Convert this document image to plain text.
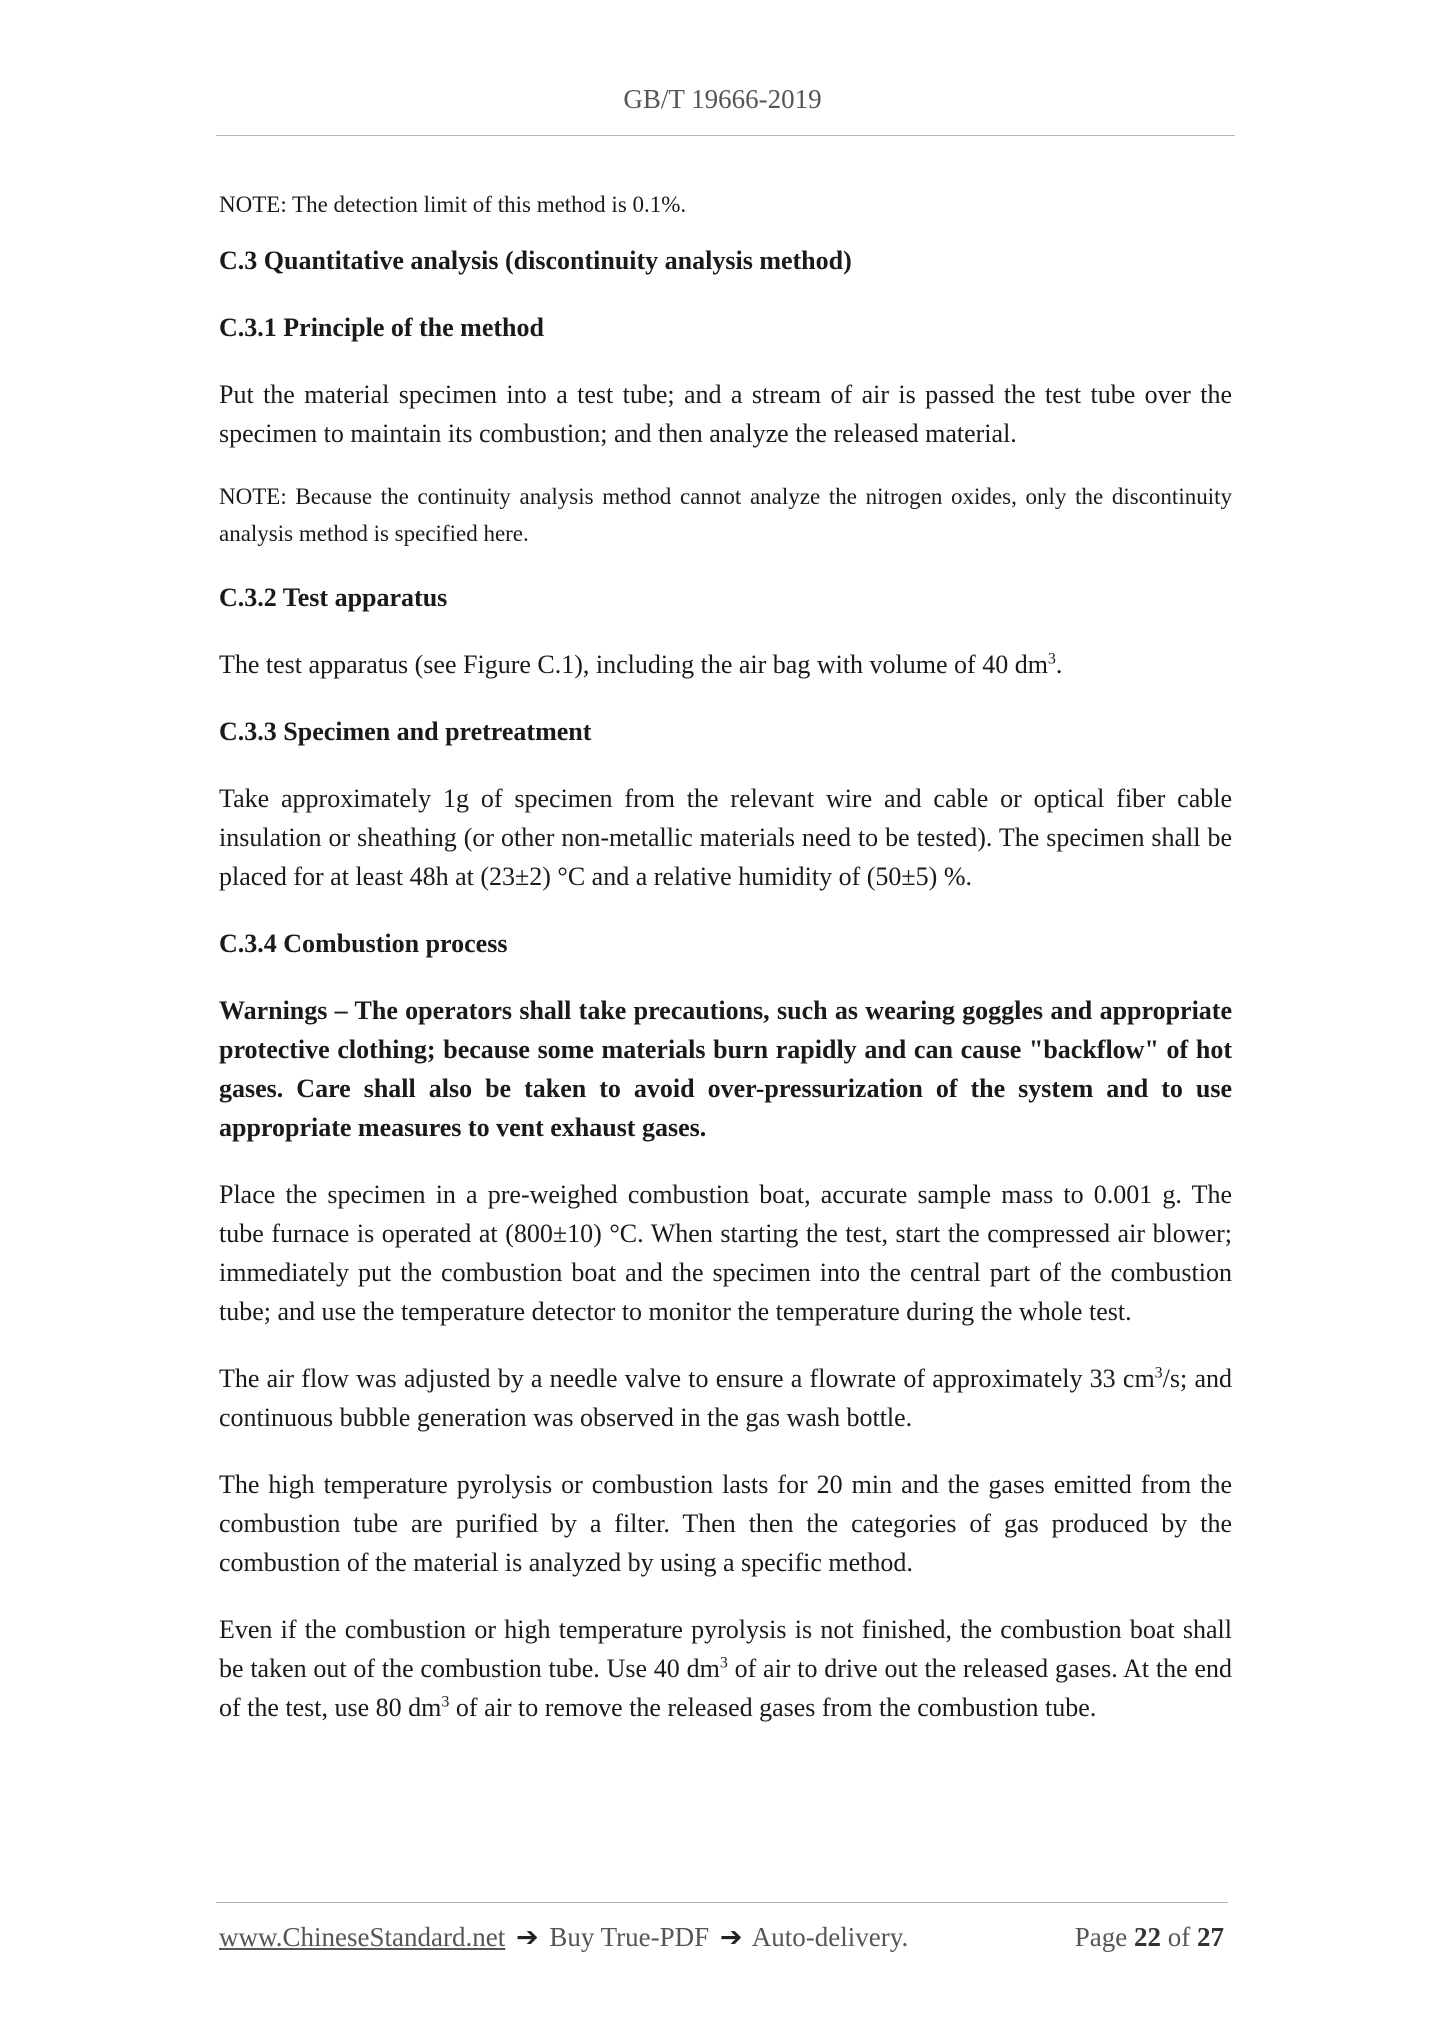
GB/T 19666-2019

NOTE: The detection limit of this method is 0.1%.

C.3 Quantitative analysis (discontinuity analysis method)

C.3.1 Principle of the method

Put the material specimen into a test tube; and a stream of air is passed the test tube over the specimen to maintain its combustion; and then analyze the released material.

NOTE: Because the continuity analysis method cannot analyze the nitrogen oxides, only the discontinuity analysis method is specified here.

C.3.2 Test apparatus

The test apparatus (see Figure C.1), including the air bag with volume of 40 $dm^3$.

C.3.3 Specimen and pretreatment

Take approximately 1g of specimen from the relevant wire and cable or optical fiber cable insulation or sheathing (or other non-metallic materials need to be tested). The specimen shall be placed for at least 48h at (23±2) °C and a relative humidity of (50±5) %.

C.3.4 Combustion process

Warnings – The operators shall take precautions, such as wearing goggles and appropriate protective clothing; because some materials burn rapidly and can cause "backflow" of hot gases. Care shall also be taken to avoid over-pressurization of the system and to use appropriate measures to vent exhaust gases.

Place the specimen in a pre-weighed combustion boat, accurate sample mass to 0.001 g. The tube furnace is operated at (800±10) °C. When starting the test, start the compressed air blower; immediately put the combustion boat and the specimen into the central part of the combustion tube; and use the temperature detector to monitor the temperature during the whole test.

The air flow was adjusted by a needle valve to ensure a flowrate of approximately 33 $cm^3/s$; and continuous bubble generation was observed in the gas wash bottle.

The high temperature pyrolysis or combustion lasts for 20 min and the gases emitted from the combustion tube are purified by a filter. Then then the categories of gas produced by the combustion of the material is analyzed by using a specific method.

Even if the combustion or high temperature pyrolysis is not finished, the combustion boat shall be taken out of the combustion tube. Use 40 $dm^3$ of air to drive out the released gases. At the end of the test, use 80 $dm^3$ of air to remove the released gases from the combustion tube.

www.ChineseStandard.net ➔ Buy True-PDF ➔ Auto-delivery.	Page 22 of 27
